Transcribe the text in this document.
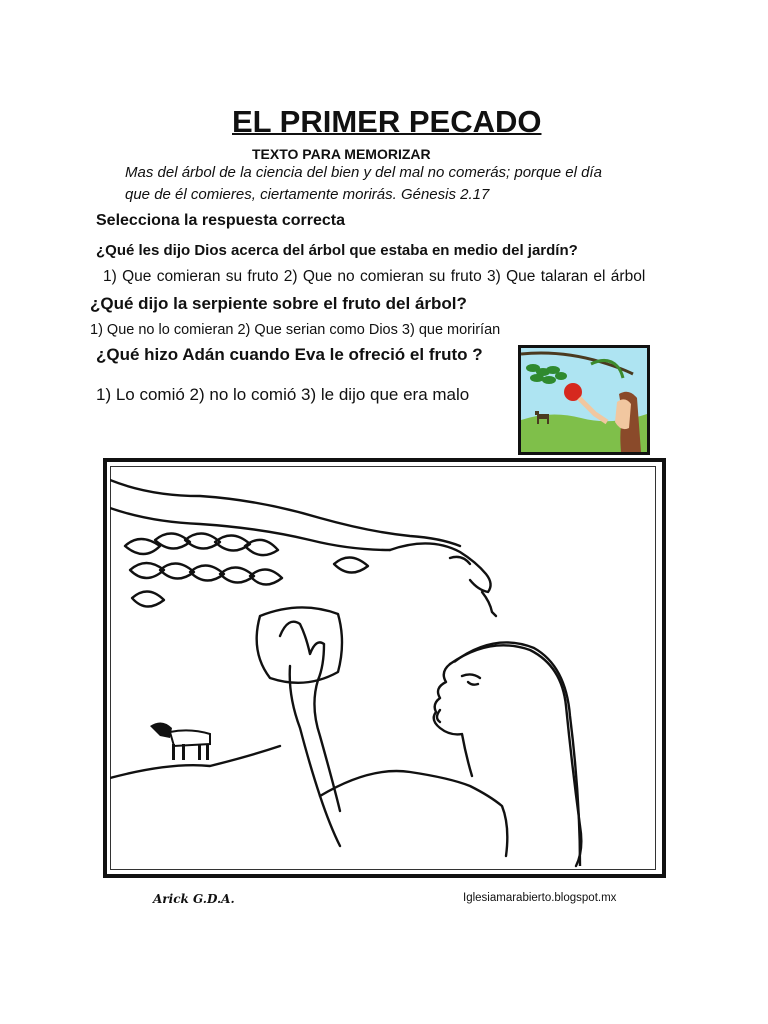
EL PRIMER PECADO
TEXTO PARA MEMORIZAR
Mas del árbol de la ciencia del bien y del mal no comerás; porque el día
que de él comieres, ciertamente morirás. Génesis 2.17
Selecciona la respuesta correcta
¿Qué les dijo Dios acerca del árbol que estaba en medio del jardín?
1) Que comieran su fruto 2) Que no comieran su fruto 3) Que talaran el árbol
¿Qué dijo la serpiente sobre el fruto del árbol?
1) Que no lo comieran 2) Que serian como Dios 3) que morirían
¿Qué hizo Adán cuando Eva le ofreció el fruto ?
1) Lo comió 2) no lo comió 3) le dijo que era malo
Arick G.D.A.	Iglesiamarabierto.blogspot.mx
